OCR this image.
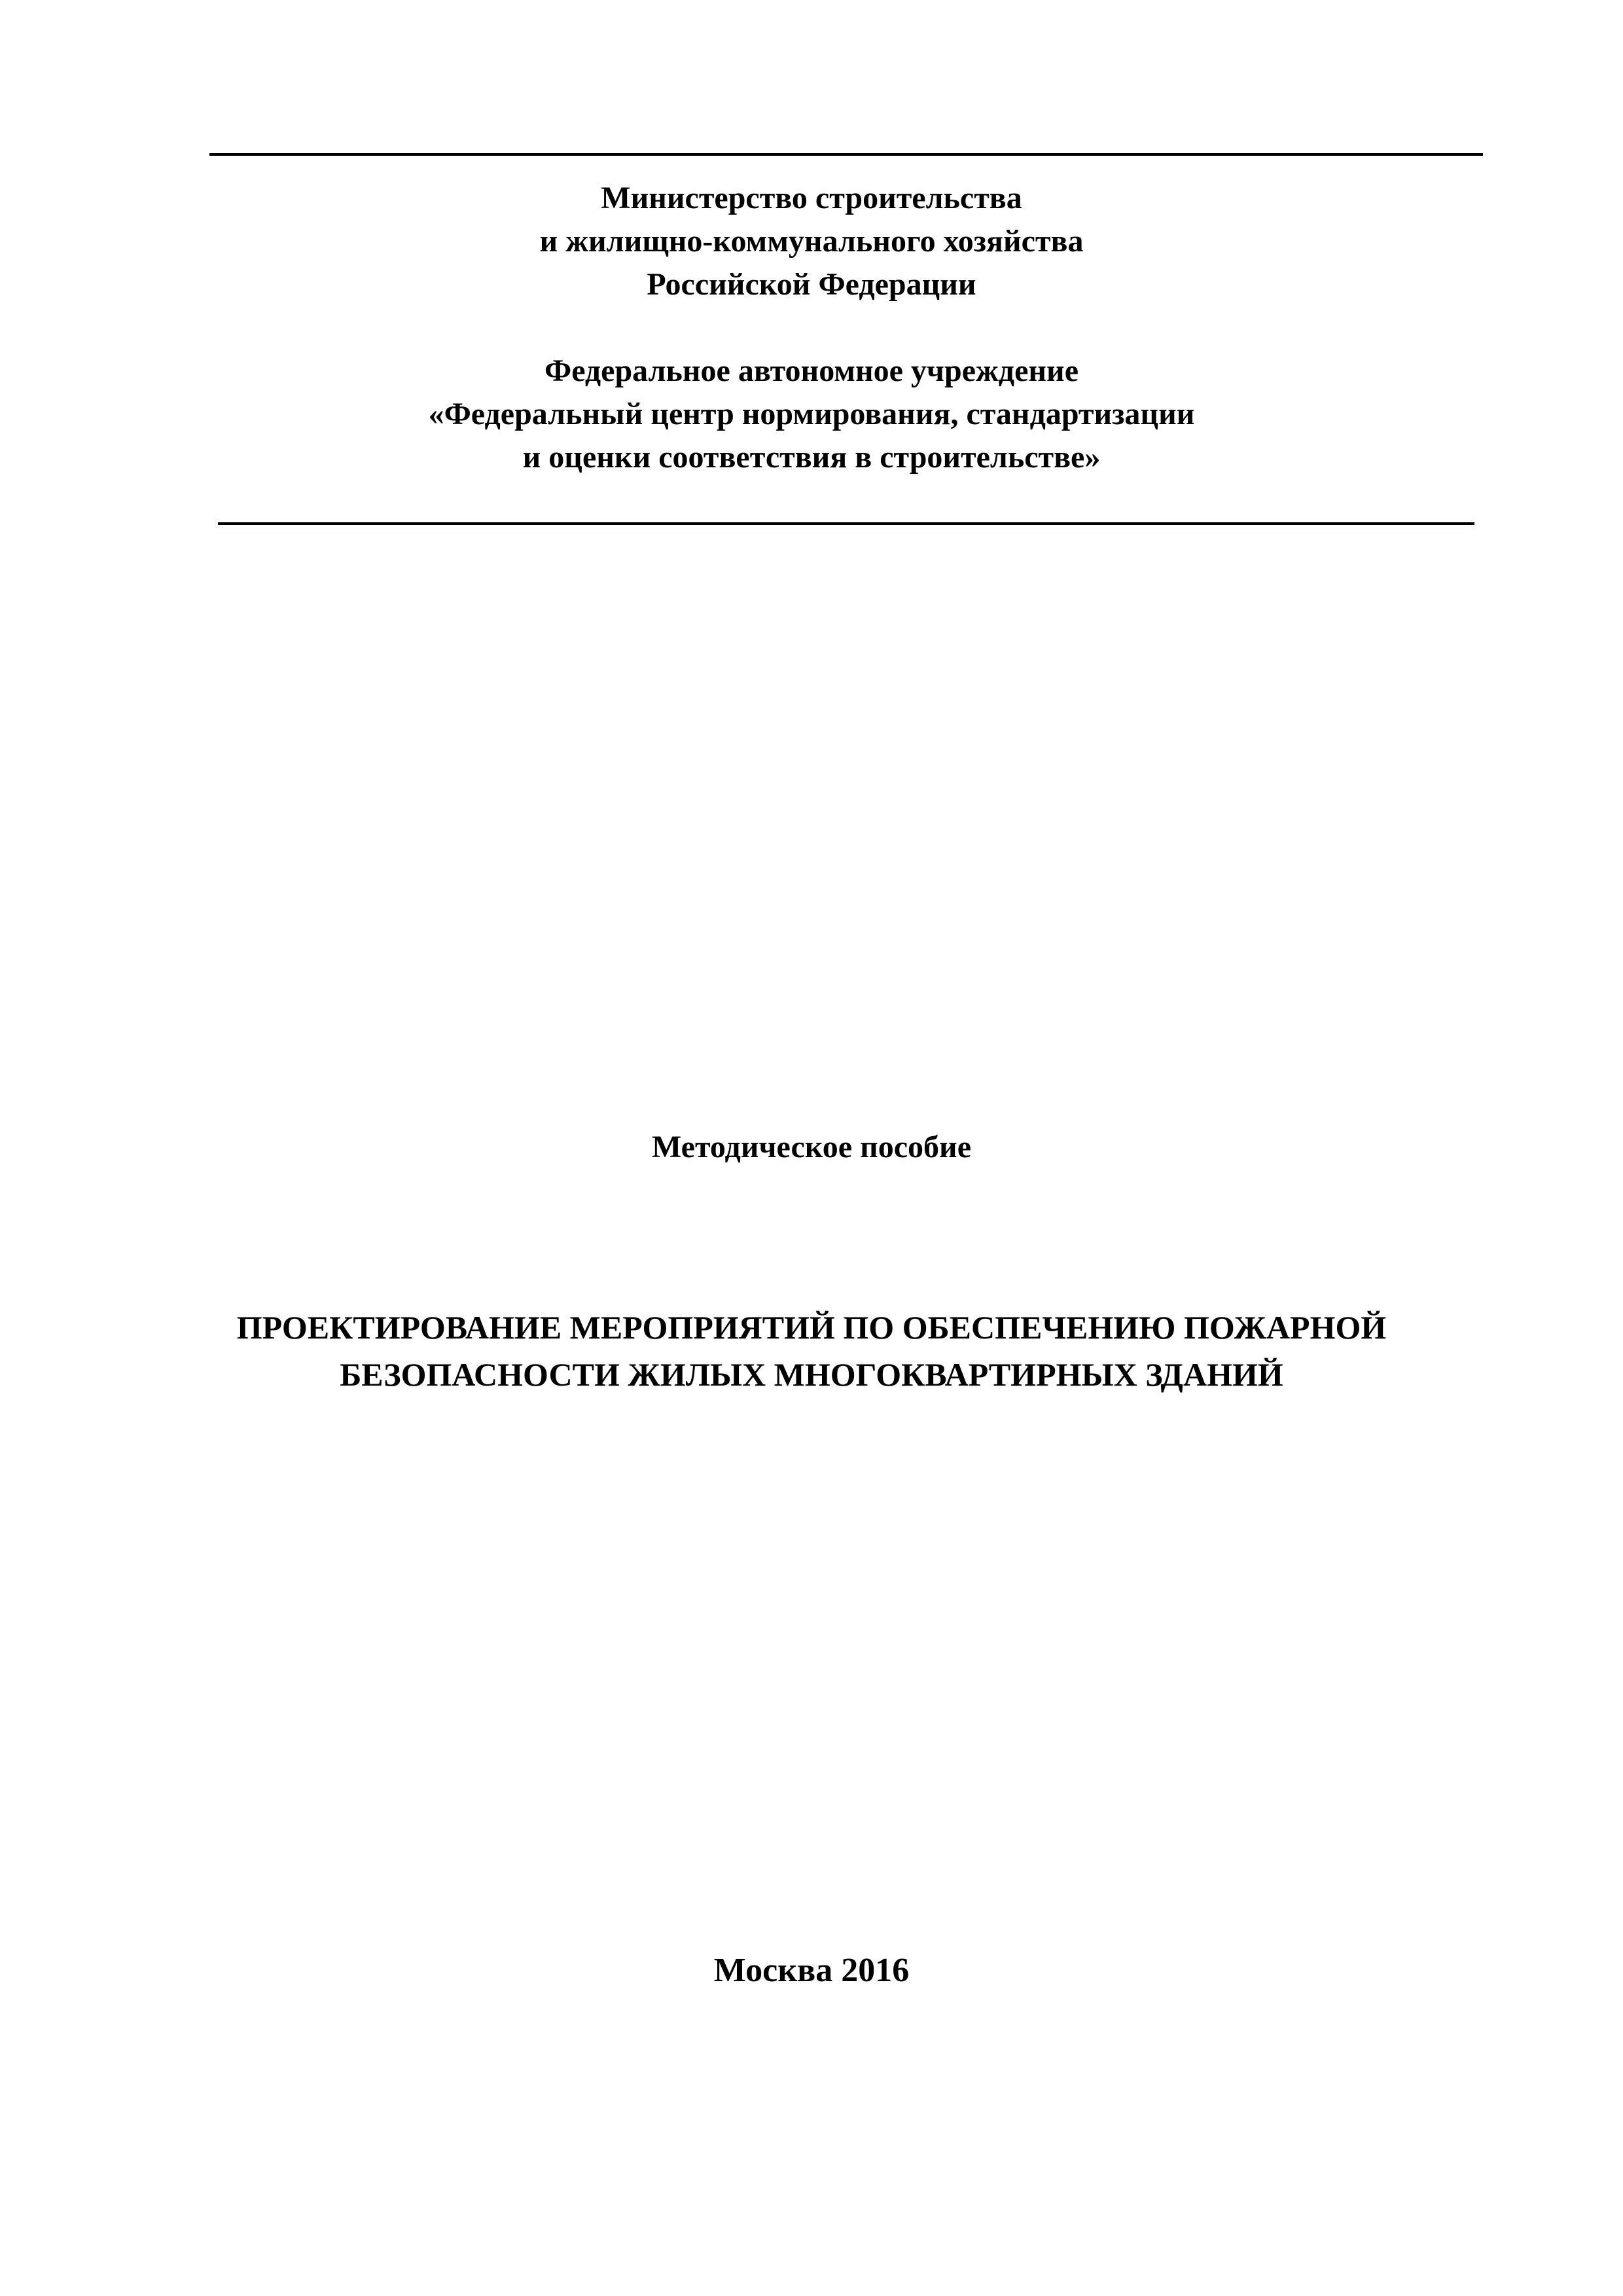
Министерство строительства
и жилищно-коммунального хозяйства
Российской Федерации
Федеральное автономное учреждение
«Федеральный центр нормирования, стандартизации
и оценки соответствия в строительстве»
Методическое пособие
ПРОЕКТИРОВАНИЕ МЕРОПРИЯТИЙ ПО ОБЕСПЕЧЕНИЮ ПОЖАРНОЙ
БЕЗОПАСНОСТИ ЖИЛЫХ МНОГОКВАРТИРНЫХ ЗДАНИЙ
Москва 2016
